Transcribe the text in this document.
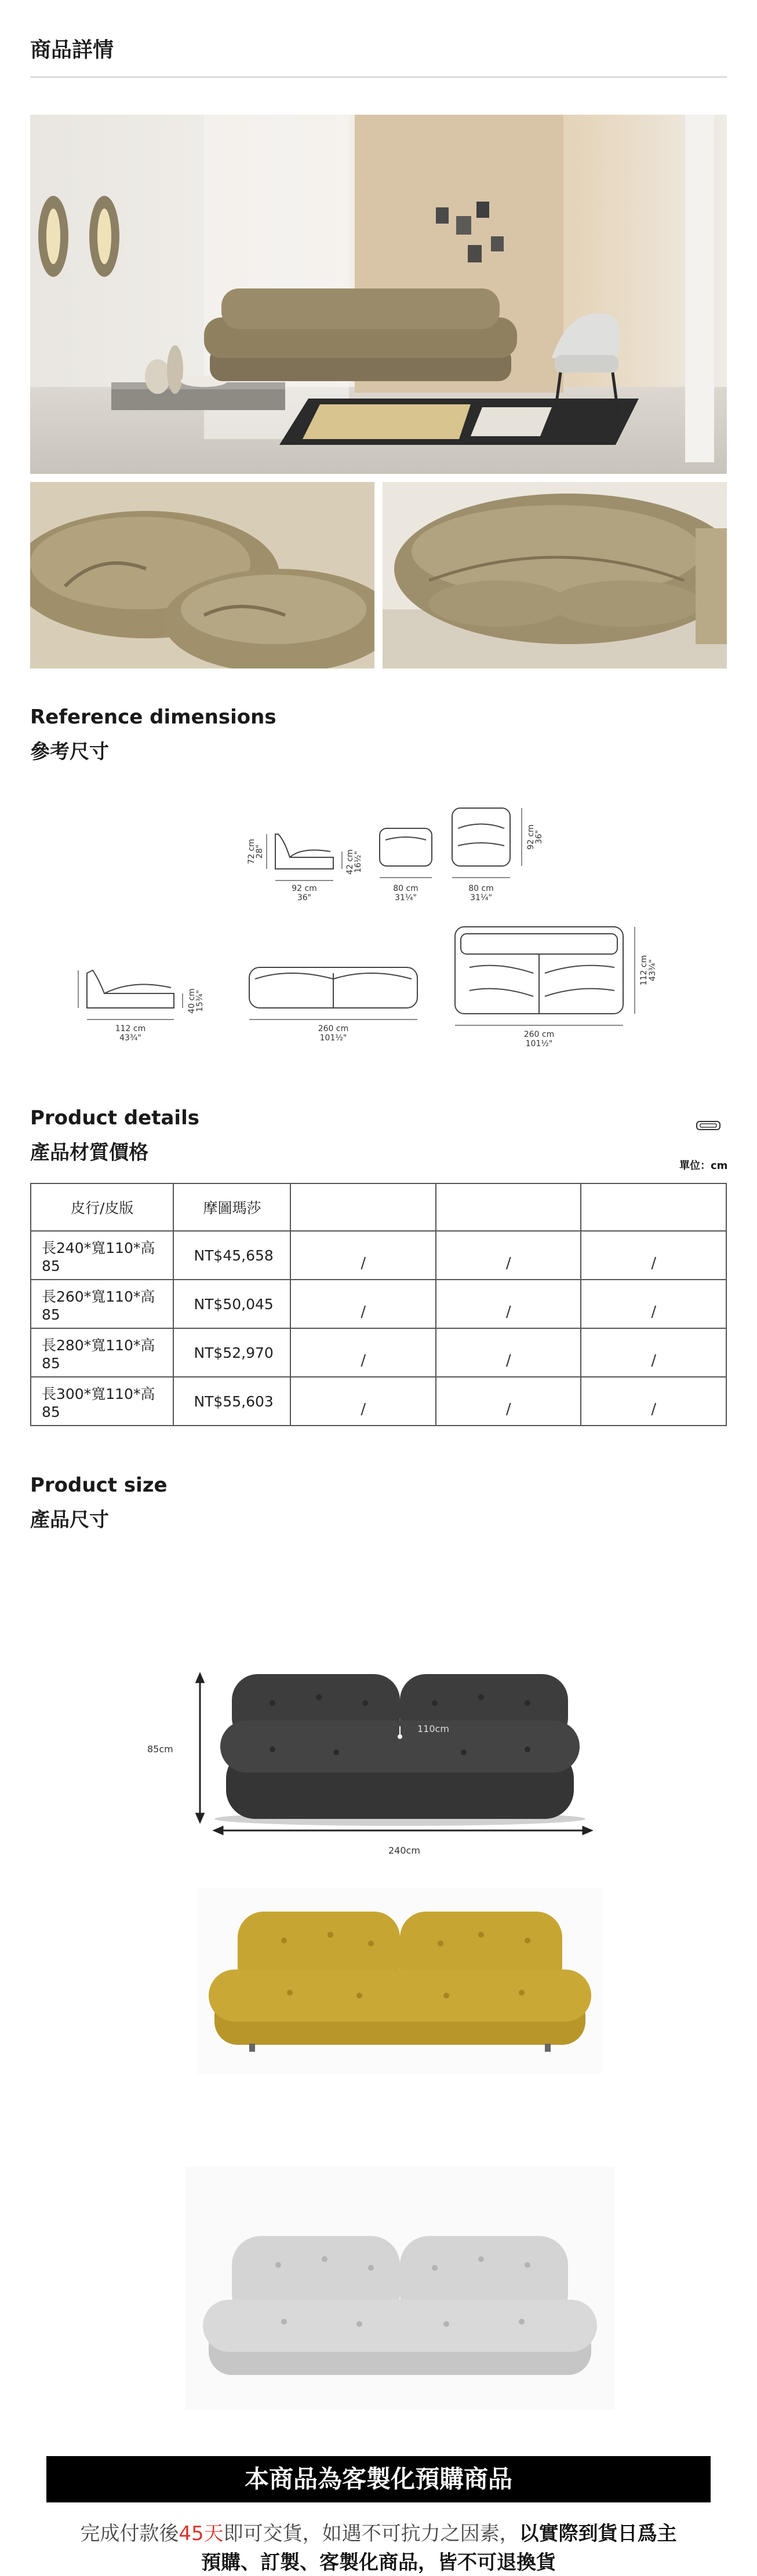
商品詳情
Reference dimensions
參考尺寸
72 cm
28"
92 cm
36"
42 cm
16½"
80 cm
31¼"
80 cm
31¼"
92 cm
36"
75 cm
112 cm
43¾"
40 cm
15¾"
260 cm
101½"	260 cm
101½"
112 cm 43¾"
Product details
產品材質價格
單位：cm
皮行/皮版	摩圖瑪莎			
長240*寬110*高85	NT$45,658	/	/	/
長260*寬110*高85	NT$50,045	/	/	/
長280*寬110*高85	NT$52,970	/	/	/
長300*寬110*高85	NT$55,603	/	/	/
Product size
產品尺寸
85cm
110cm
240cm
本商品為客製化預購商品
完成付款後45天即可交貨，如遇不可抗力之因素，以實際到貨日爲主
預購、訂製、客製化商品，皆不可退換貨
